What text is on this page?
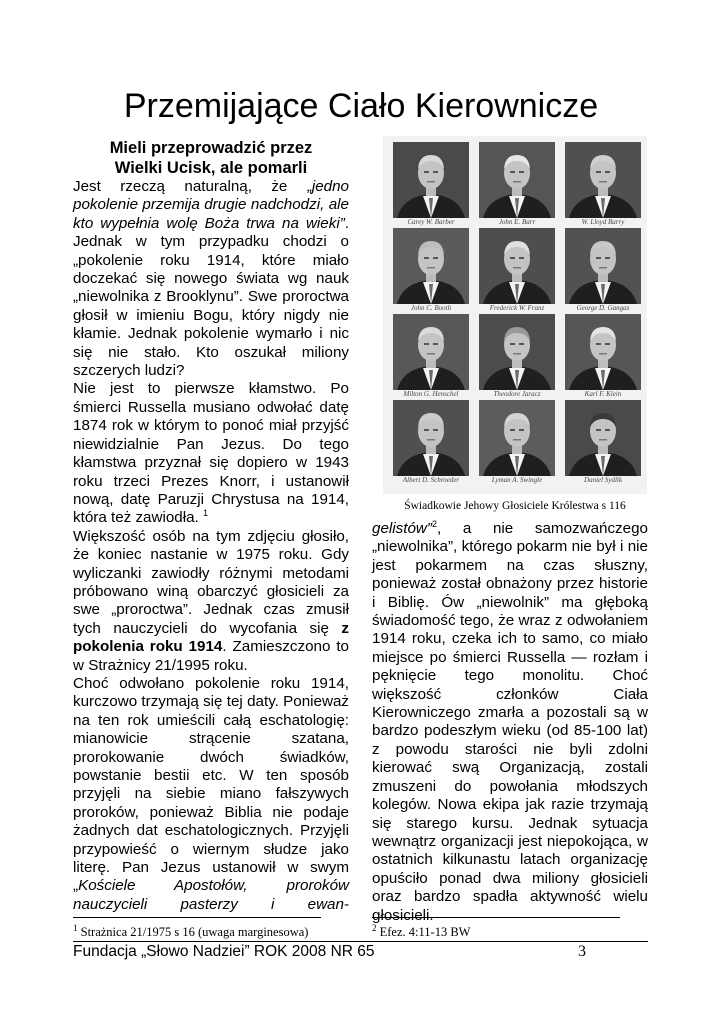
Przemijające Ciało Kierownicze

Mieli przeprowadzić przez
Wielki Ucisk, ale pomarli

Jest rzeczą naturalną, że „jedno pokolenie przemija drugie nadchodzi, ale kto wypełnia wolę Boża trwa na wieki”. Jednak w tym przypadku chodzi o „pokolenie roku 1914, które miało doczekać się nowego świata wg nauk „niewolnika z Brooklynu”. Swe proroctwa głosił w imieniu Bogu, który nigdy nie kłamie. Jednak pokolenie wymarło i nic się nie stało. Kto oszukał miliony szczerych ludzi?

Nie jest to pierwsze kłamstwo. Po śmierci Russella musiano odwołać datę 1874 rok w którym to ponoć miał przyjść niewidzialnie Pan Jezus. Do tego kłamstwa przyznał się dopiero w 1943 roku trzeci Prezes Knorr, i ustanowił nową, datę Paruzji Chrystusa na 1914, która też zawiodła. $^1$

Większość osób na tym zdjęciu głosiło, że koniec nastanie w 1975 roku. Gdy wyliczanki zawiodły różnymi metodami próbowano winą obarczyć głosicieli za swe „proroctwa”. Jednak czas zmusił tych nauczycieli do wycofania się z pokolenia roku 1914. Zamieszczono to w Strażnicy 21/1995 roku.

Choć odwołano pokolenie roku 1914, kurczowo trzymają się tej daty. Ponieważ na ten rok umieścili całą eschatologię: mianowicie strącenie szatana, prorokowanie dwóch świadków, powstanie bestii etc. W ten sposób przyjęli na siebie miano fałszywych proroków, ponieważ Biblia nie podaje żadnych dat eschatologicznych. Przyjęli przypowieść o wiernym słudze jako literę. Pan Jezus ustanowił w swym „Kościele Apostołów, proroków nauczycieli pasterzy i ewan-

Carey W. Barber	John E. Barr	W. Lloyd Barry
John C. Booth	Frederick W. Franz	George D. Gangas
Milton G. Henschel	Theodore Jaracz	Karl F. Klein
Albert D. Schroeder	Lyman A. Swingle	Daniel Sydlik
Świadkowie Jehowy Głosiciele Królestwa s 116

gelistów”$^2$, a nie samozwańczego „niewolnika”, którego pokarm nie był i nie jest pokarmem na czas słuszny, ponieważ został obnażony przez historie i Biblię. Ów „niewolnik” ma głęboką świadomość tego, że wraz z odwołaniem 1914 roku, czeka ich to samo, co miało miejsce po śmierci Russella — rozłam i pęknięcie tego monolitu. Choć większość członków Ciała Kierowniczego zmarła a pozostali są w bardzo podeszłym wieku (od 85-100 lat) z powodu starości nie byli zdolni kierować swą Organizacją, zostali zmuszeni do powołania młodszych kolegów. Nowa ekipa jak razie trzymają się starego kursu. Jednak sytuacja wewnątrz organizacji jest niepokojąca, w ostatnich kilkunastu latach organizację opuściło ponad dwa miliony głosicieli oraz bardzo spadła aktywność wielu głosicieli.

$^1$ Strażnica 21/1975 s 16 (uwaga marginesowa)	$^2$ Efez. 4:11-13 BW
Fundacja „Słowo Nadziei” ROK 2008 NR 65	3
